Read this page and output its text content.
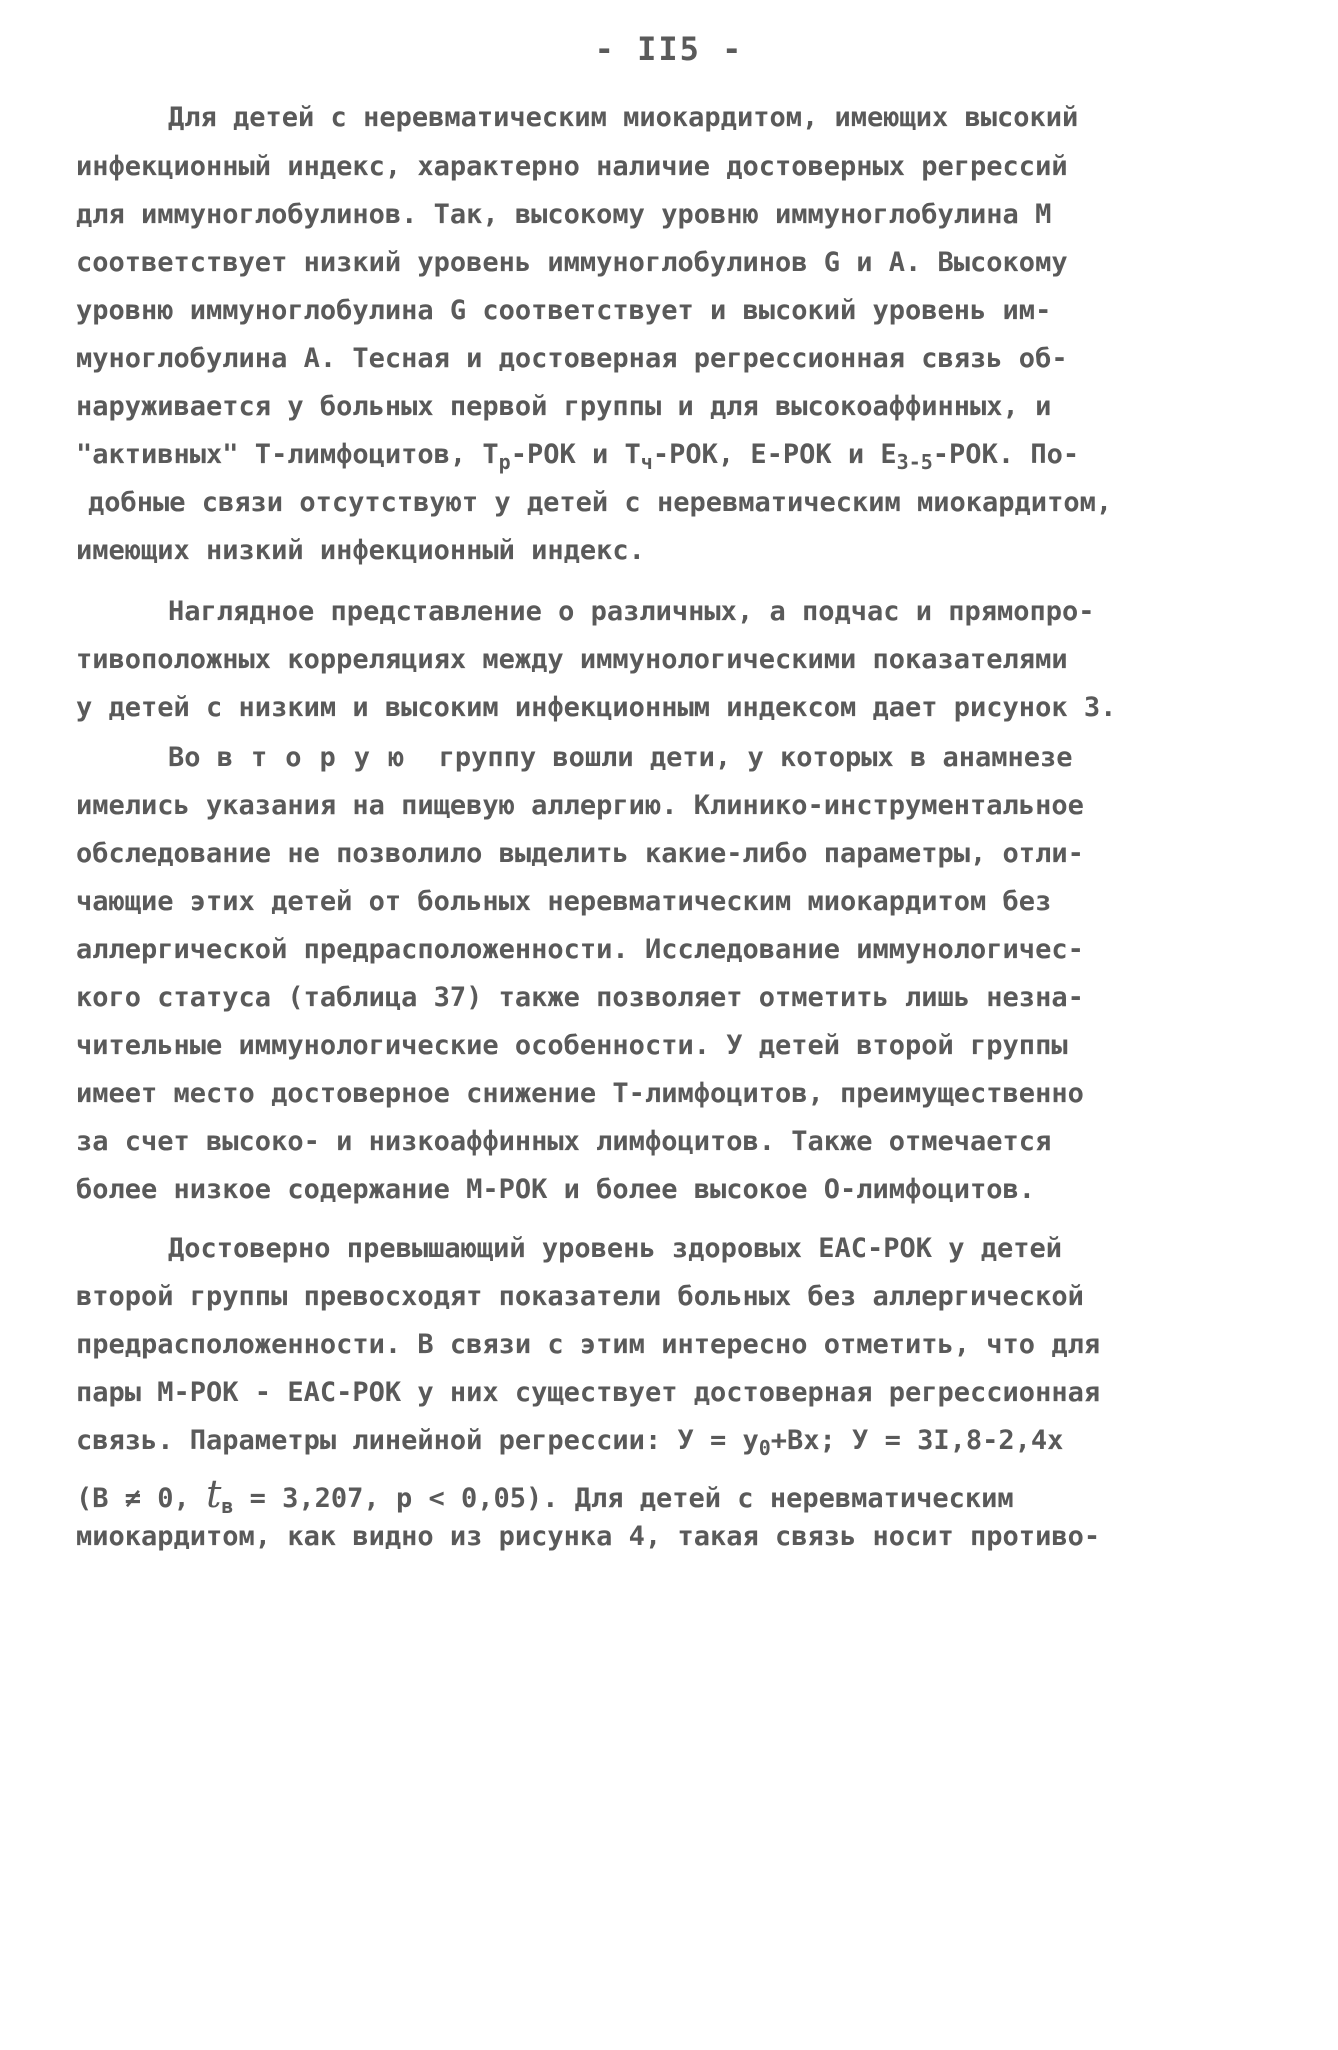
- II5 -
Для детей с неревматическим миокардитом, имеющих высокий
инфекционный индекс, характерно наличие достоверных регрессий
для иммуноглобулинов. Так, высокому уровню иммуноглобулина М
соответствует низкий уровень иммуноглобулинов G и А. Высокому
уровню иммуноглобулина G соответствует и высокий уровень им-
муноглобулина А. Тесная и достоверная регрессионная связь об-
наруживается у больных первой группы и для высокоаффинных, и
"активных" Т-лимфоцитов, $Т_р$-РОК и $Т_ч$-РОК, Е-РОК и $Е_{3-5}$-РОК. По-
добные связи отсутствуют у детей с неревматическим миокардитом,
имеющих низкий инфекционный индекс.
Наглядное представление о различных, а подчас и прямопро-
тивоположных корреляциях между иммунологическими показателями
у детей с низким и высоким инфекционным индексом дает рисунок 3.
Во вторую группу вошли дети, у которых в анамнезе
имелись указания на пищевую аллергию. Клинико-инструментальное
обследование не позволило выделить какие-либо параметры, отли-
чающие этих детей от больных неревматическим миокардитом без
аллергической предрасположенности. Исследование иммунологичес-
кого статуса (таблица 37) также позволяет отметить лишь незна-
чительные иммунологические особенности. У детей второй группы
имеет место достоверное снижение Т-лимфоцитов, преимущественно
за счет высоко- и низкоаффинных лимфоцитов. Также отмечается
более низкое содержание М-РОК и более высокое О-лимфоцитов.
Достоверно превышающий уровень здоровых ЕАС-РОК у детей
второй группы превосходят показатели больных без аллергической
предрасположенности. В связи с этим интересно отметить, что для
пары М-РОК - ЕАС-РОК у них существует достоверная регрессионная
связь. Параметры линейной регрессии: $У = у_0+Вх$; У = 3I,8-2,4х
(В ≠ 0, $t_в = 3,207$, р < 0,05). Для детей с неревматическим
миокардитом, как видно из рисунка 4, такая связь носит противо-
